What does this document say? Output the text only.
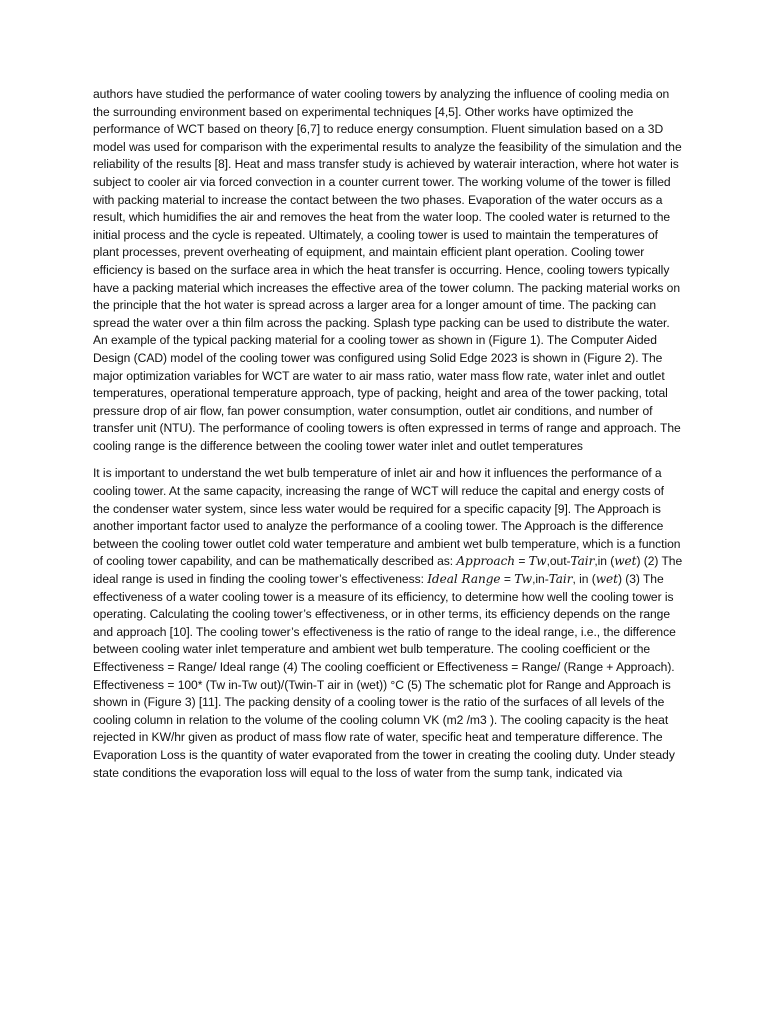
authors have studied the performance of water cooling towers by analyzing the influence of cooling media on the surrounding environment based on experimental techniques [4,5]. Other works have optimized the performance of WCT based on theory [6,7] to reduce energy consumption. Fluent simulation based on a 3D model was used for comparison with the experimental results to analyze the feasibility of the simulation and the reliability of the results [8]. Heat and mass transfer study is achieved by waterair interaction, where hot water is subject to cooler air via forced convection in a counter current tower. The working volume of the tower is filled with packing material to increase the contact between the two phases. Evaporation of the water occurs as a result, which humidifies the air and removes the heat from the water loop. The cooled water is returned to the initial process and the cycle is repeated. Ultimately, a cooling tower is used to maintain the temperatures of plant processes, prevent overheating of equipment, and maintain efficient plant operation. Cooling tower efficiency is based on the surface area in which the heat transfer is occurring. Hence, cooling towers typically have a packing material which increases the effective area of the tower column. The packing material works on the principle that the hot water is spread across a larger area for a longer amount of time. The packing can spread the water over a thin film across the packing. Splash type packing can be used to distribute the water. An example of the typical packing material for a cooling tower as shown in (Figure 1). The Computer Aided Design (CAD) model of the cooling tower was configured using Solid Edge 2023 is shown in (Figure 2). The major optimization variables for WCT are water to air mass ratio, water mass flow rate, water inlet and outlet temperatures, operational temperature approach, type of packing, height and area of the tower packing, total pressure drop of air flow, fan power consumption, water consumption, outlet air conditions, and number of transfer unit (NTU). The performance of cooling towers is often expressed in terms of range and approach. The cooling range is the difference between the cooling tower water inlet and outlet temperatures

It is important to understand the wet bulb temperature of inlet air and how it influences the performance of a cooling tower. At the same capacity, increasing the range of WCT will reduce the capital and energy costs of the condenser water system, since less water would be required for a specific capacity [9]. The Approach is another important factor used to analyze the performance of a cooling tower. The Approach is the difference between the cooling tower outlet cold water temperature and ambient wet bulb temperature, which is a function of cooling tower capability, and can be mathematically described as: Approach = Tw,out-Tair,in (wet) (2) The ideal range is used in finding the cooling tower’s effectiveness: Ideal Range = Tw,in-Tair, in (wet) (3) The effectiveness of a water cooling tower is a measure of its efficiency, to determine how well the cooling tower is operating. Calculating the cooling tower’s effectiveness, or in other terms, its efficiency depends on the range and approach [10]. The cooling tower’s effectiveness is the ratio of range to the ideal range, i.e., the difference between cooling water inlet temperature and ambient wet bulb temperature. The cooling coefficient or the Effectiveness = Range/ Ideal range (4) The cooling coefficient or Effectiveness = Range/ (Range + Approach). Effectiveness = 100* (Tw in-Tw out)/(Twin-T air in (wet)) °C (5) The schematic plot for Range and Approach is shown in (Figure 3) [11]. The packing density of a cooling tower is the ratio of the surfaces of all levels of the cooling column in relation to the volume of the cooling column VK (m2 /m3 ). The cooling capacity is the heat rejected in KW/hr given as product of mass flow rate of water, specific heat and temperature difference. The Evaporation Loss is the quantity of water evaporated from the tower in creating the cooling duty. Under steady state conditions the evaporation loss will equal to the loss of water from the sump tank, indicated via
